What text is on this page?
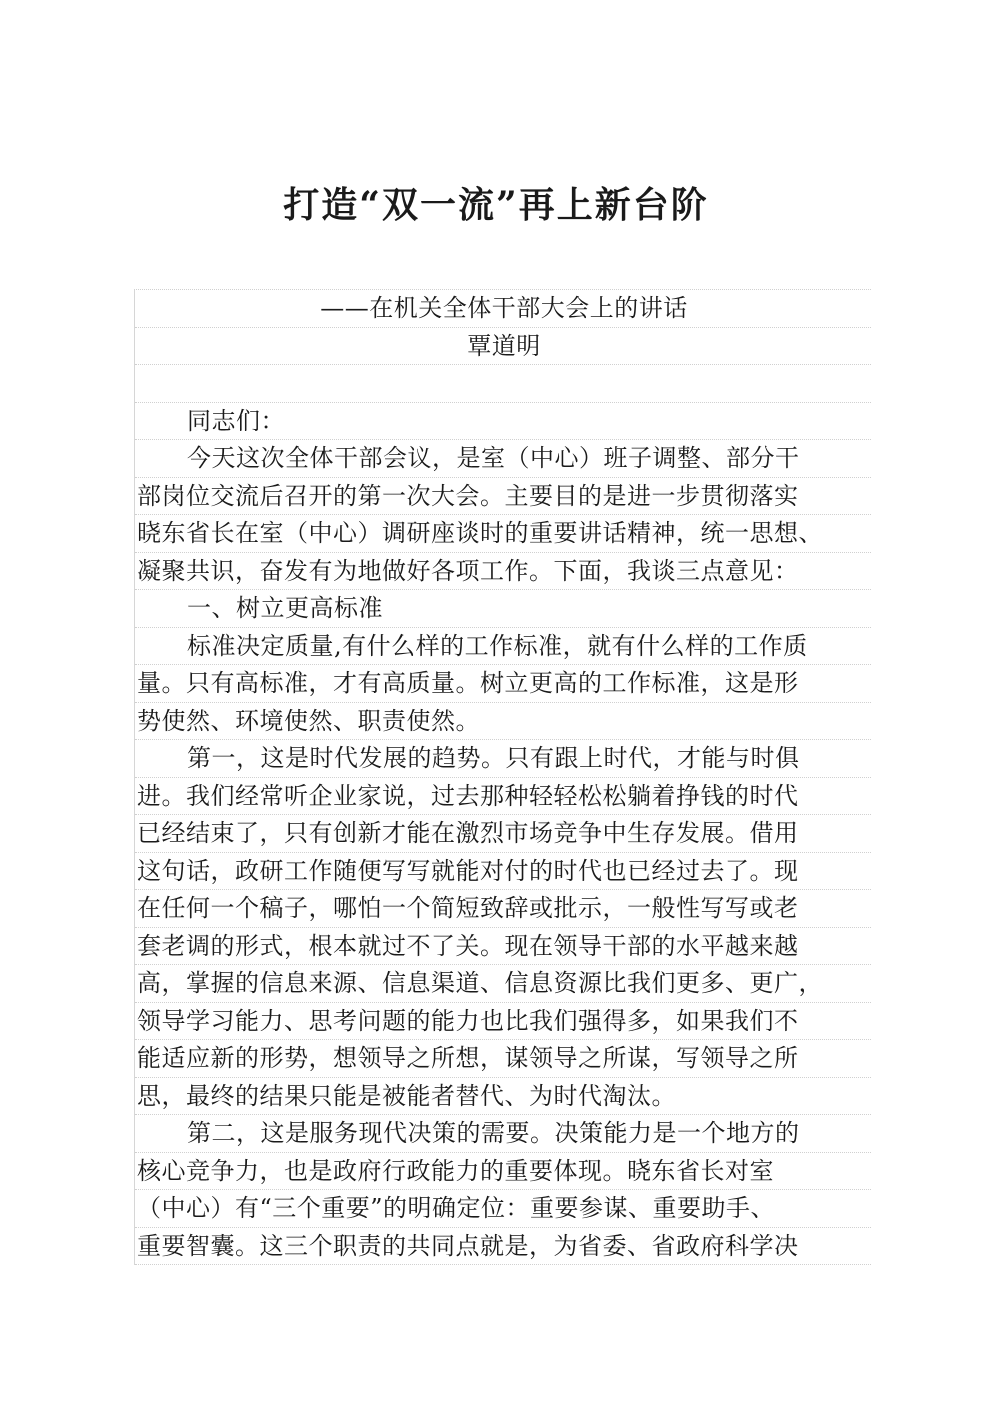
打造“双一流”再上新台阶
——在机关全体干部大会上的讲话
覃道明
同志们：
今天这次全体干部会议，是室（中心）班子调整、部分干
部岗位交流后召开的第一次大会。主要目的是进一步贯彻落实
晓东省长在室（中心）调研座谈时的重要讲话精神，统一思想、
凝聚共识，奋发有为地做好各项工作。下面，我谈三点意见：
一、树立更高标准
标准决定质量,有什么样的工作标准，就有什么样的工作质
量。只有高标准，才有高质量。树立更高的工作标准，这是形
势使然、环境使然、职责使然。
第一，这是时代发展的趋势。只有跟上时代，才能与时俱
进。我们经常听企业家说，过去那种轻轻松松躺着挣钱的时代
已经结束了，只有创新才能在激烈市场竞争中生存发展。借用
这句话，政研工作随便写写就能对付的时代也已经过去了。现
在任何一个稿子，哪怕一个简短致辞或批示，一般性写写或老
套老调的形式，根本就过不了关。现在领导干部的水平越来越
高，掌握的信息来源、信息渠道、信息资源比我们更多、更广，
领导学习能力、思考问题的能力也比我们强得多，如果我们不
能适应新的形势，想领导之所想，谋领导之所谋，写领导之所
思，最终的结果只能是被能者替代、为时代淘汰。
第二，这是服务现代决策的需要。决策能力是一个地方的
核心竞争力，也是政府行政能力的重要体现。晓东省长对室
（中心）有“三个重要”的明确定位：重要参谋、重要助手、
重要智囊。这三个职责的共同点就是，为省委、省政府科学决
